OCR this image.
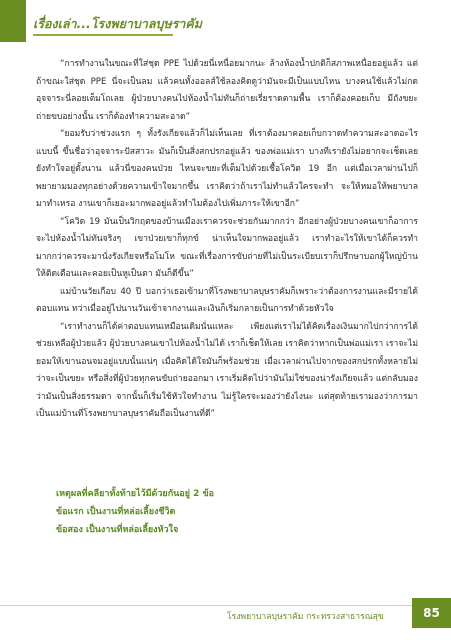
เรื่องเล่า...โรงพยาบาลบุษราคัม

“การทำงานในขณะที่ใส่ชุด PPE ไปด้วยนี่เหนื่อยมากนะ ล้างห้องน้ำปกติก็สภาพเหนื่อยอยู่แล้ว แต่ถ้าขณะใส่ชุด PPE นี่จะเป็นลม แล้วคนทั้งออลส์ใช้ลองคิดดูว่ามันจะมีเป็นแบบไหน บางคนใช้แล้วไม่กดอุจจาระนี่ลอยเต็มโถเลย ผู้ป่วยบางคนไปห้องน้ำไม่ทันก็ถ่ายเรี่ยราดตามพื้น เราก็ต้องคอยเก็บ มีถังขยะถ่ายขบอย่างนั้น เราก็ต้องทำความสะอาด”

“ยอมรับว่าช่วงแรก ๆ ทั้งรังเกียจแล้วก็ไม่เห็นเลย ที่เราต้องมาคอยเก็บกวาดทำความสะอาดอะไรแบบนี้ ขึ้นชื่อว่าอุจจาระปัสสาวะ มันก็เป็นสิ่งสกปรกอยู่แล้ว ของพ่อแม่เรา บางทีเรายังไม่อยากจะเช็ดเลย ยังทำใจอยู่ตั้งนาน แล้วนี่ของคนป่วย ไหนจะขยะที่เต็มไปด้วยเชื้อโควิด 19 อีก แต่เมื่อเวลาผ่านไปก็พยายามมองทุกอย่างด้วยความเข้าใจมากขึ้น เราคิดว่าถ้าเราไม่ทำแล้วใครจะทำ จะให้หมอให้พยาบาลมาทำเหรอ งานเขาก็เยอะมากพออยู่แล้วทำไมต้องไปเพิ่มภาระให้เขาอีก”

“โควิด 19 มันเป็นวิกฤตของบ้านเมืองเราควรจะช่วยกันมากกว่า อีกอย่างผู้ป่วยบางคนเขาก็อาการจะไปห้องน้ำไม่ทันจริงๆ เขาป่วยเขาก็ทุกข์ น่าเห็นใจมากพออยู่แล้ว เราทำอะไรให้เขาได้ก็ควรทำ มากกว่าควรจะมานั่งรังเกียจหรือโมโห ขณะที่เรื่องการขับถ่ายที่ไม่เป็นระเบียบเราก็ปรึกษาบอกผู้ใหญ่บ้านให้ติดเตือนและคอยเป็นหูเป็นตา มันก็ดีขึ้น”

แม่บ้านวัยเกือบ 40 ปี บอกว่าเธอเข้ามาที่โรงพยาบาลบุษราคัมก็เพราะว่าต้องการงานและมีรายได้ตอบแทน ทว่าเมื่ออยู่ไปนานวันเข้าจากงานและเงินก็เริ่มกลายเป็นการทำด้วยหัวใจ

“เราทำงานก็ได้ค่าตอบแทนเหมือนเดิมนั่นแหละ เพียงแต่เราไม่ได้คิดเรื่องเงินมากไปกว่าการได้ช่วยเหลือผู้ป่วยแล้ว ผู้ป่วยบางคนเขาไปห้องน้ำไม่ได้ เราก็เช็ดให้เลย เราคิดว่าหากเป็นพ่อแม่เรา เราจะไม่ยอมให้เขานอนจมอยู่แบบนั้นแน่ๆ เมื่อคิดได้ใจมันก็พร้อมช่วย เมื่อเวลาผ่านไปจากของสกปรกทั้งหลายไม่ว่าจะเป็นขยะ หรือสิ่งที่ผู้ป่วยทุกคนขับถ่ายออกมา เราเริ่มคิดไปว่ามันไม่ใช่ของน่ารังเกียจแล้ว แต่กลับมองว่ามันเป็นสิ่งธรรมดา จากนั้นก็เริ่มใช้หัวใจทำงาน ไม่รู้ใครจะมองว่ายังไงนะ แต่สุดท้ายเรามองว่าการมาเป็นแม่บ้านที่โรงพยาบาลบุษราคัมถือเป็นงานที่ดี”

เหตุผลที่คลียาทั้งท้ายไว้มีด้วยกันอยู่ 2 ข้อ
ข้อแรก เป็นงานที่หล่อเลี้ยงชีวิต
ข้อสอง เป็นงานที่หล่อเลี้ยงหัวใจ
โรงพยาบาลบุษราคัม กระทรวงสาธารณสุข	85
